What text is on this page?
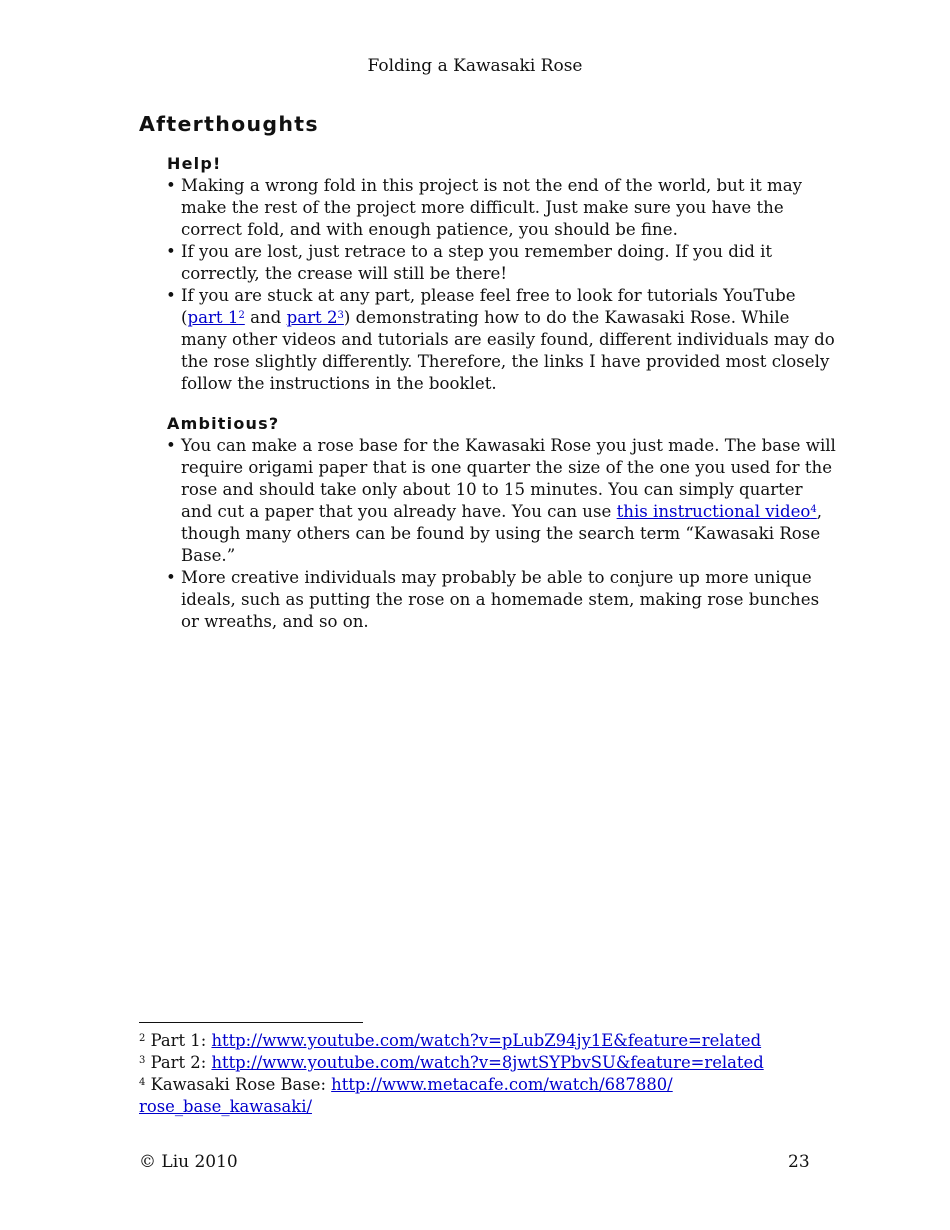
Folding a Kawasaki Rose
Afterthoughts
Help!
• Making a wrong fold in this project is not the end of the world, but it may make the rest of the project more difficult. Just make sure you have the correct fold, and with enough patience, you should be fine.
• If you are lost, just retrace to a step you remember doing. If you did it correctly, the crease will still be there!
• If you are stuck at any part, please feel free to look for tutorials YouTube (part $1^2$ and part $2^3$) demonstrating how to do the Kawasaki Rose. While many other videos and tutorials are easily found, different individuals may do the rose slightly differently. Therefore, the links I have provided most closely follow the instructions in the booklet.
Ambitious?
• You can make a rose base for the Kawasaki Rose you just made. The base will require origami paper that is one quarter the size of the one you used for the rose and should take only about 10 to 15 minutes. You can simply quarter and cut a paper that you already have. You can use this instructional video$^4$, though many others can be found by using the search term “Kawasaki Rose Base.”
• More creative individuals may probably be able to conjure up more unique ideals, such as putting the rose on a homemade stem, making rose bunches or wreaths, and so on.
$^2$ Part 1: http://www.youtube.com/watch?v=pLubZ94jy1E&feature=related
$^3$ Part 2: http://www.youtube.com/watch?v=8jwtSYPbvSU&feature=related
$^4$ Kawasaki Rose Base: http://www.metacafe.com/watch/687880/
rose_base_kawasaki/
© Liu 2010	23
